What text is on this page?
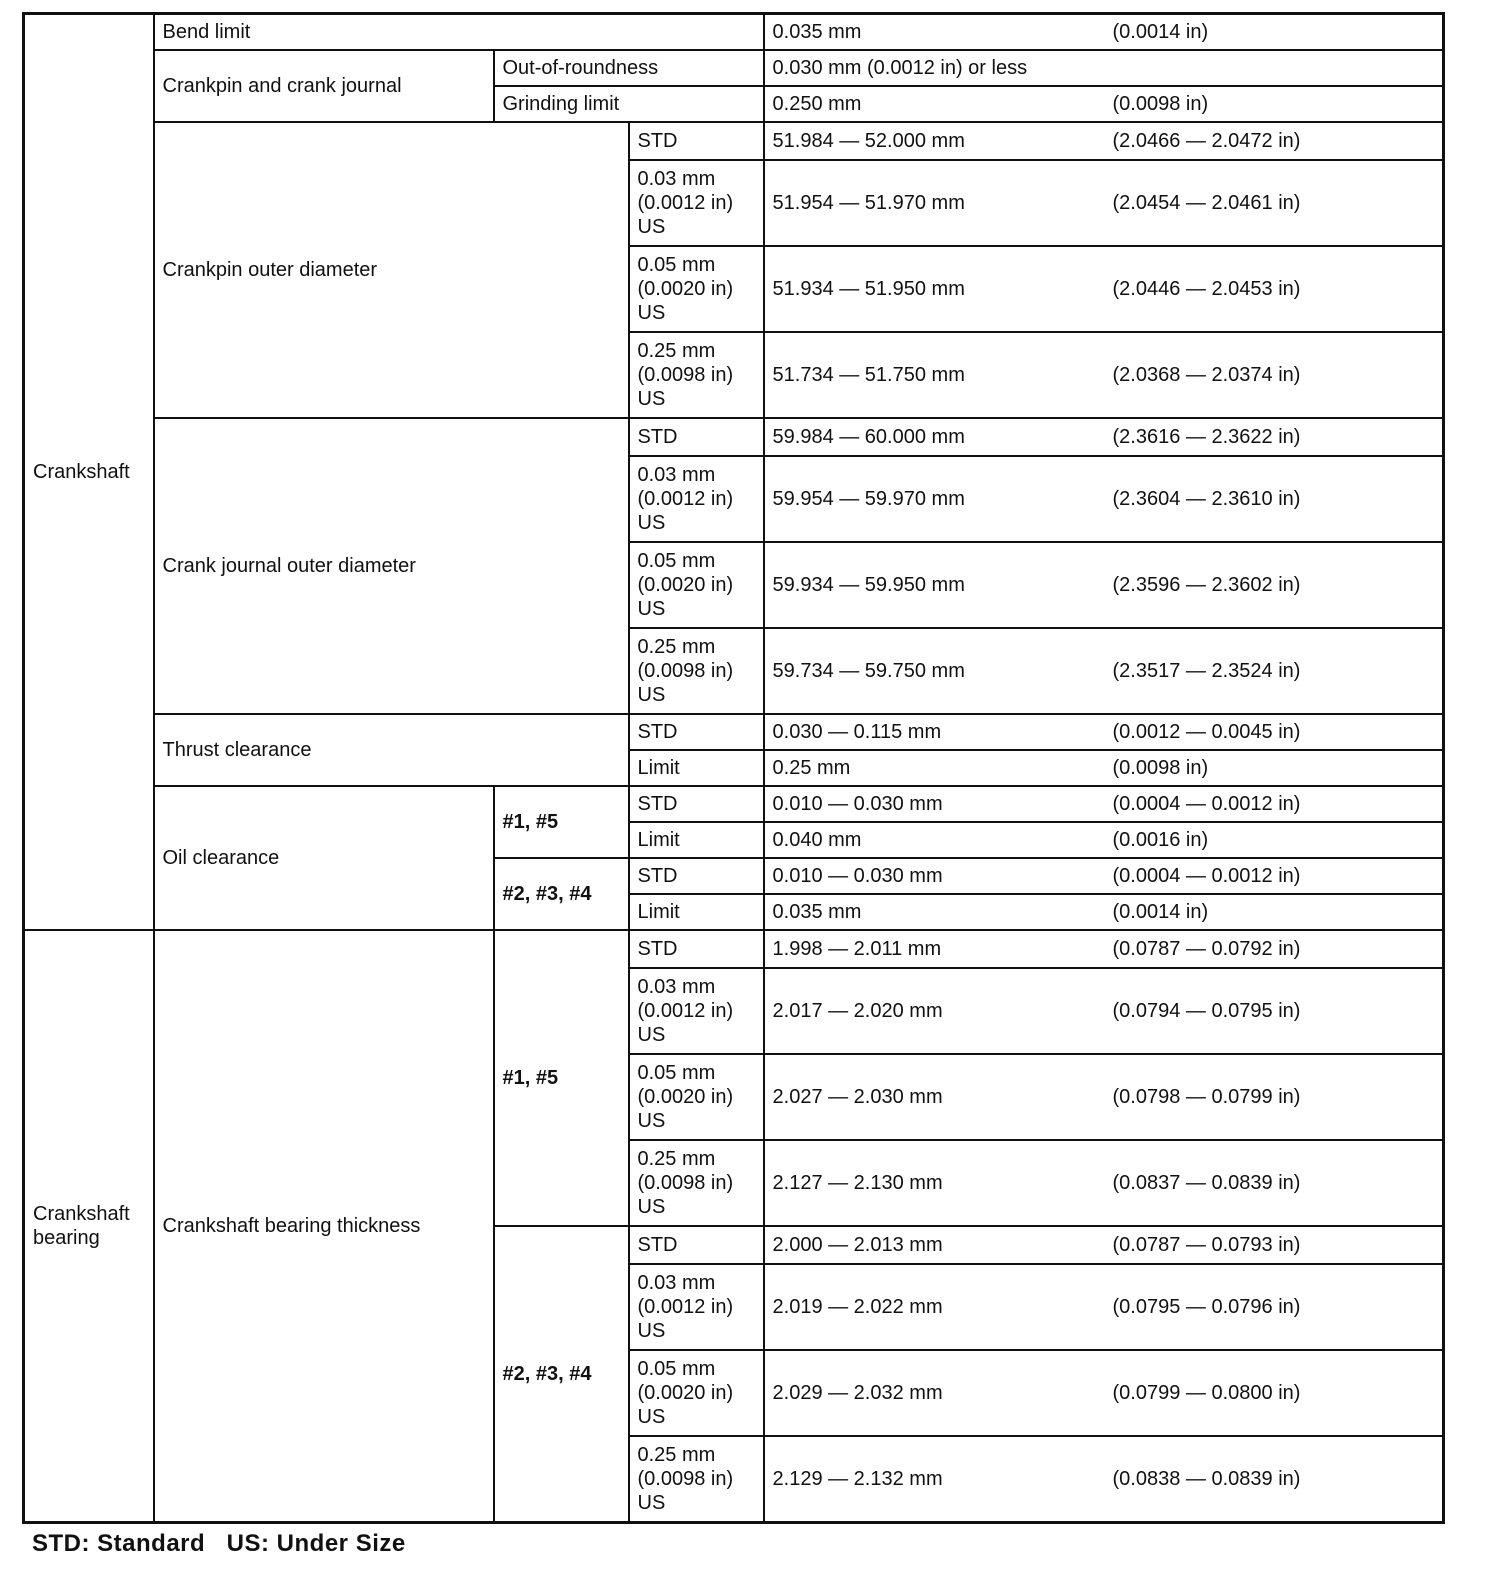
Crankshaft	Bend limit			0.035 mm (0.0014 in)
	Crankpin and crank journal	Out-of-roundness		0.030 mm (0.0012 in) or less
		Grinding limit		0.250 mm (0.0098 in)
	Crankpin outer diameter		STD	51.984 — 52.000 mm (2.0466 — 2.0472 in)
			0.03 mm
(0.0012 in)
US	51.954 — 51.970 mm (2.0454 — 2.0461 in)
			0.05 mm
(0.0020 in)
US	51.934 — 51.950 mm (2.0446 — 2.0453 in)
			0.25 mm
(0.0098 in)
US	51.734 — 51.750 mm (2.0368 — 2.0374 in)
	Crank journal outer diameter		STD	59.984 — 60.000 mm (2.3616 — 2.3622 in)
			0.03 mm
(0.0012 in)
US	59.954 — 59.970 mm (2.3604 — 2.3610 in)
			0.05 mm
(0.0020 in)
US	59.934 — 59.950 mm (2.3596 — 2.3602 in)
			0.25 mm
(0.0098 in)
US	59.734 — 59.750 mm (2.3517 — 2.3524 in)
	Thrust clearance		STD	0.030 — 0.115 mm (0.0012 — 0.0045 in)
			Limit	0.25 mm (0.0098 in)
	Oil clearance	#1, #5	STD	0.010 — 0.030 mm (0.0004 — 0.0012 in)
			Limit	0.040 mm (0.0016 in)
		#2, #3, #4	STD	0.010 — 0.030 mm (0.0004 — 0.0012 in)
			Limit	0.035 mm (0.0014 in)
Crankshaft
bearing	Crankshaft bearing thickness	#1, #5	STD	1.998 — 2.011 mm (0.0787 — 0.0792 in)
			0.03 mm
(0.0012 in)
US	2.017 — 2.020 mm (0.0794 — 0.0795 in)
			0.05 mm
(0.0020 in)
US	2.027 — 2.030 mm (0.0798 — 0.0799 in)
			0.25 mm
(0.0098 in)
US	2.127 — 2.130 mm (0.0837 — 0.0839 in)
		#2, #3, #4	STD	2.000 — 2.013 mm (0.0787 — 0.0793 in)
			0.03 mm
(0.0012 in)
US	2.019 — 2.022 mm (0.0795 — 0.0796 in)
			0.05 mm
(0.0020 in)
US	2.029 — 2.032 mm (0.0799 — 0.0800 in)
			0.25 mm
(0.0098 in)
US	2.129 — 2.132 mm (0.0838 — 0.0839 in)
STD: Standard   US: Under Size
